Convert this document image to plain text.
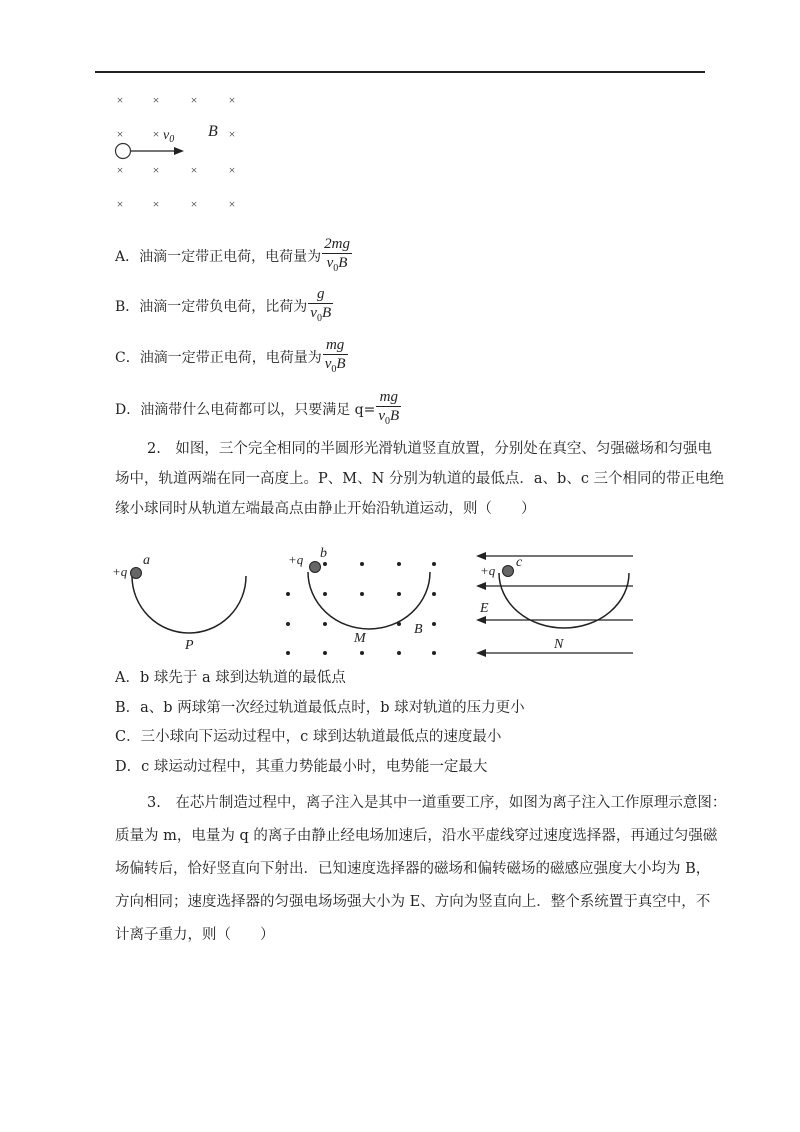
× ×	×	×
× ×	×
× ×	×	×
× ×	×	×
$v_0$ B
A．油滴一定带正电荷，电荷量为 $\frac{2mg}{v_0B}$
B．油滴一定带负电荷，比荷为 $\frac{g}{v_0B}$
C．油滴一定带正电荷，电荷量为 $\frac{mg}{v_0B}$
D．油滴带什么电荷都可以，只要满足 $q= \frac{mg}{v_0B}$
2.　如图，三个完全相同的半圆形光滑轨道竖直放置，分别处在真空、匀强磁场和匀强电
场中，轨道两端在同一高度上。P、M、N 分别为轨道的最低点．a、b、c 三个相同的带正电绝
缘小球同时从轨道左端最高点由静止开始沿轨道运动，则（　　）
+q
a
P
+q b
M
B
+q
c
E
N
A．b 球先于 a 球到达轨道的最低点
B．a、b 两球第一次经过轨道最低点时，b 球对轨道的压力更小
C．三小球向下运动过程中，c 球到达轨道最低点的速度最小
D．c 球运动过程中，其重力势能最小时，电势能一定最大
3.　在芯片制造过程中，离子注入是其中一道重要工序，如图为离子注入工作原理示意图：
质量为 m，电量为 q 的离子由静止经电场加速后，沿水平虚线穿过速度选择器，再通过匀强磁
场偏转后，恰好竖直向下射出．已知速度选择器的磁场和偏转磁场的磁感应强度大小均为 B，
方向相同；速度选择器的匀强电场场强大小为 E、方向为竖直向上．整个系统置于真空中，不
计离子重力，则（　　）
